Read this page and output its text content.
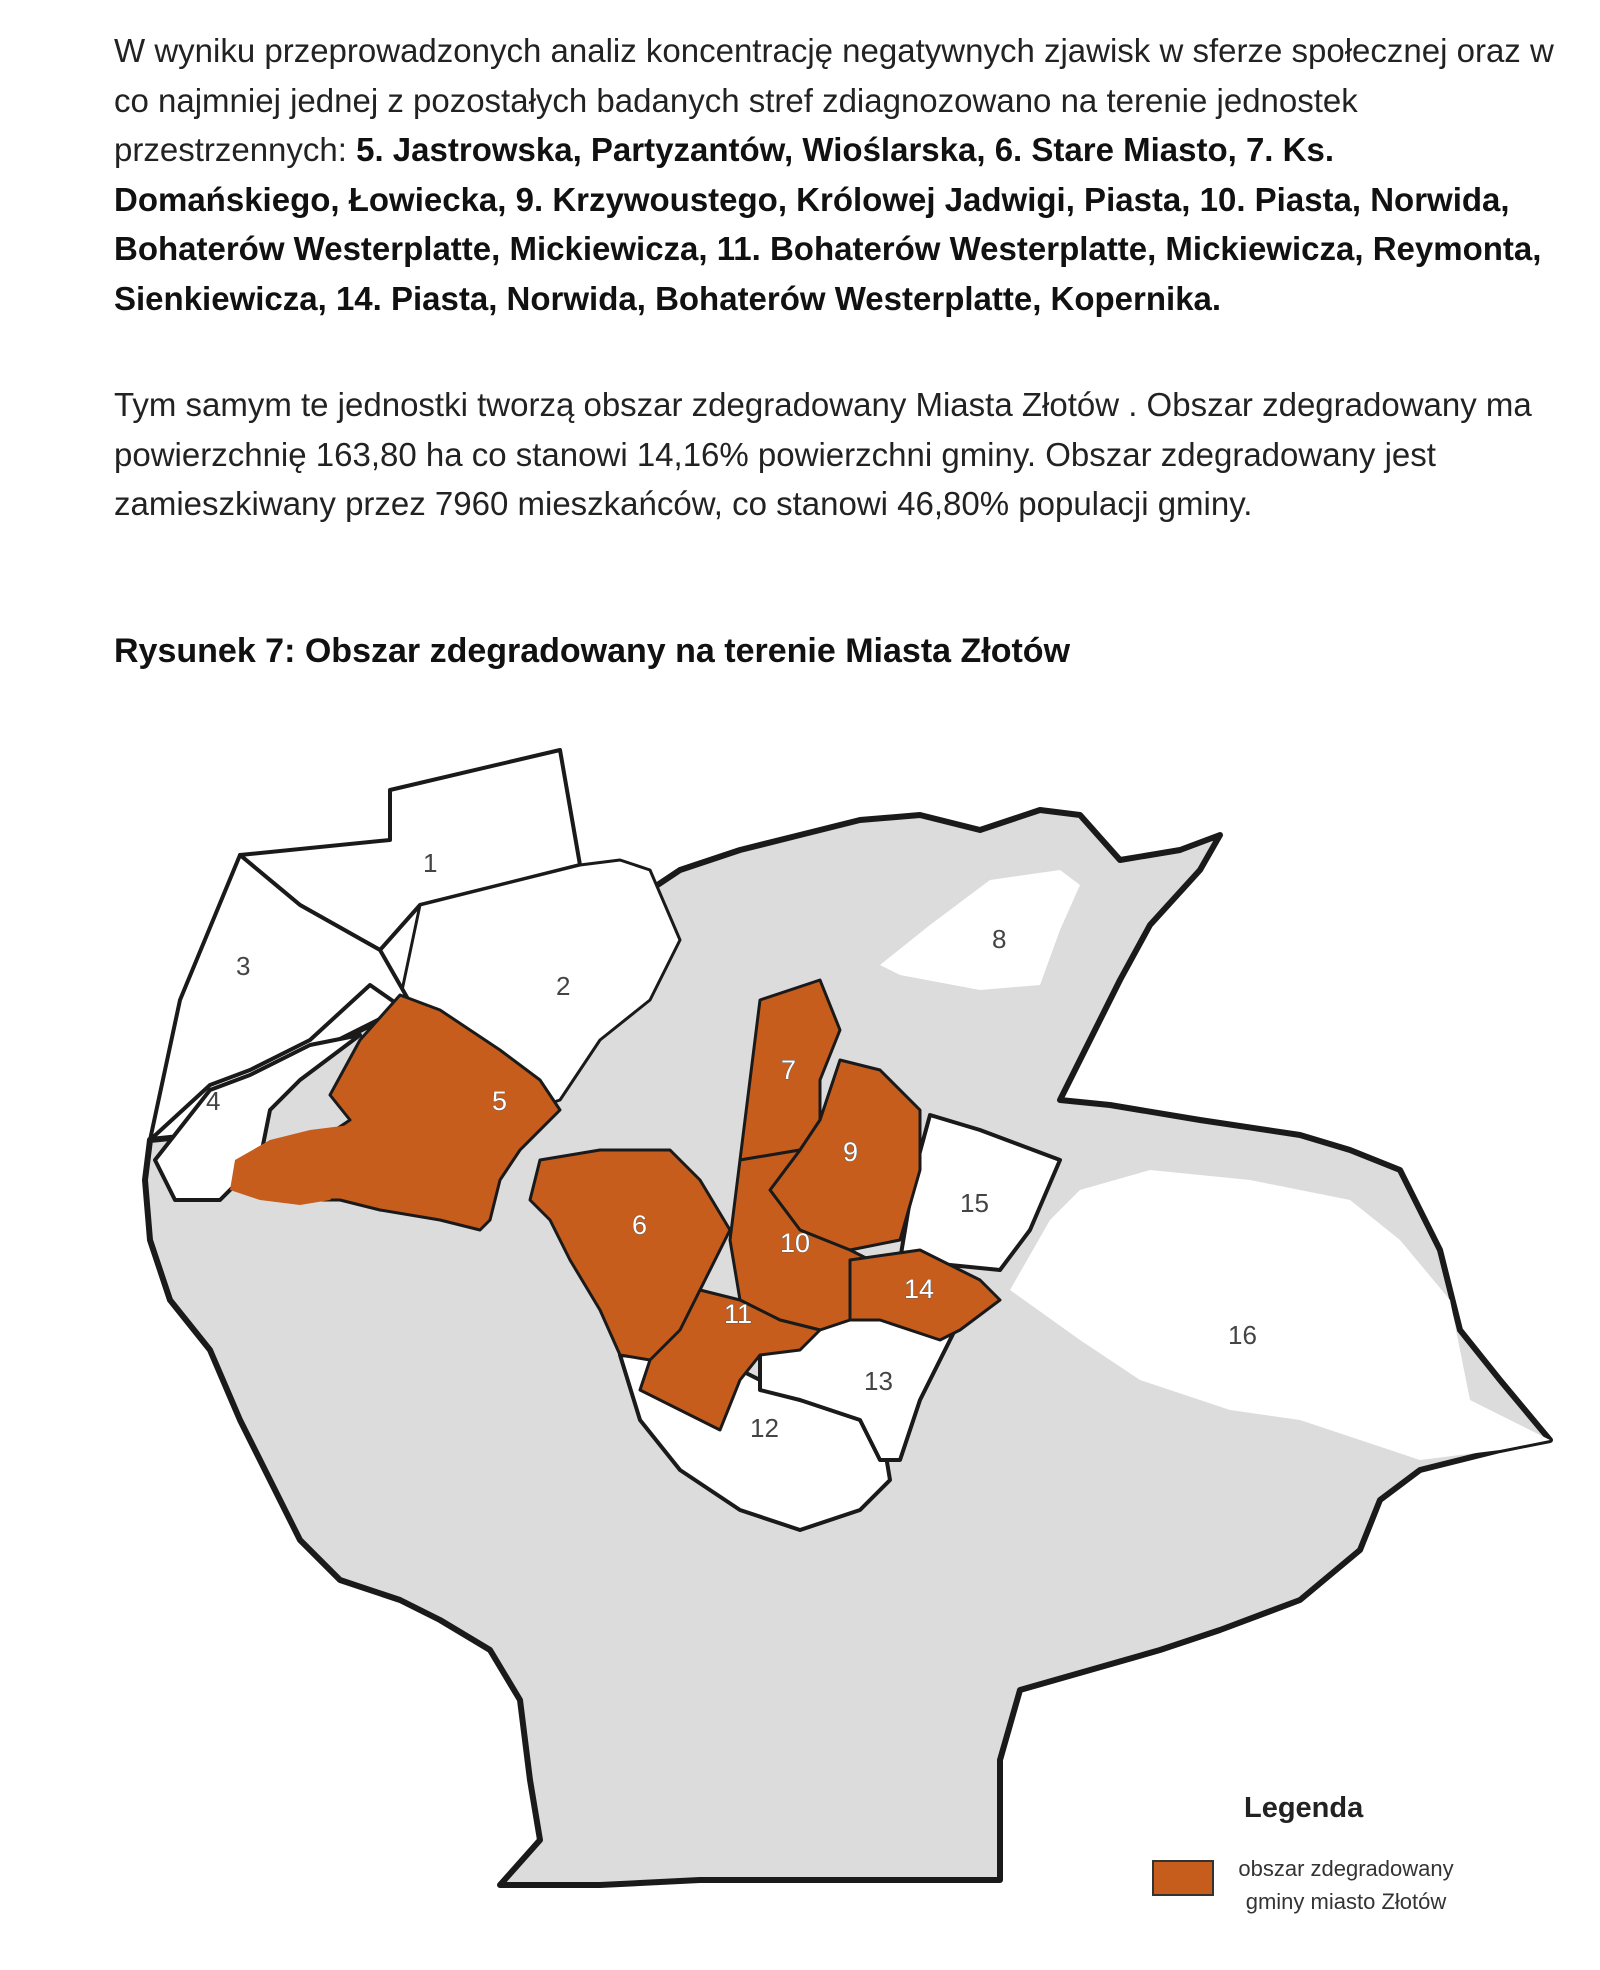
W wyniku przeprowadzonych analiz koncentrację negatywnych zjawisk w sferze społecznej oraz w co najmniej jednej z pozostałych badanych stref zdiagnozowano na terenie jednostek przestrzennych: 5. Jastrowska, Partyzantów, Wioślarska, 6. Stare Miasto, 7. Ks. Domańskiego, Łowiecka, 9. Krzywoustego, Królowej Jadwigi, Piasta, 10. Piasta, Norwida, Bohaterów Westerplatte, Mickiewicza, 11. Bohaterów Westerplatte, Mickiewicza, Reymonta, Sienkiewicza, 14. Piasta, Norwida, Bohaterów Westerplatte, Kopernika.
Tym samym te jednostki tworzą obszar zdegradowany Miasta Złotów . Obszar zdegradowany ma powierzchnię 163,80 ha co stanowi 14,16% powierzchni gminy. Obszar zdegradowany jest zamieszkiwany przez 7960 mieszkańców, co stanowi 46,80% populacji gminy.
Rysunek 7: Obszar zdegradowany na terenie Miasta Złotów
1
2
3
4	5
6
7
8
9
10
11
12
13
14
15
16
Legenda
obszar zdegradowany gminy miasto Złotów
